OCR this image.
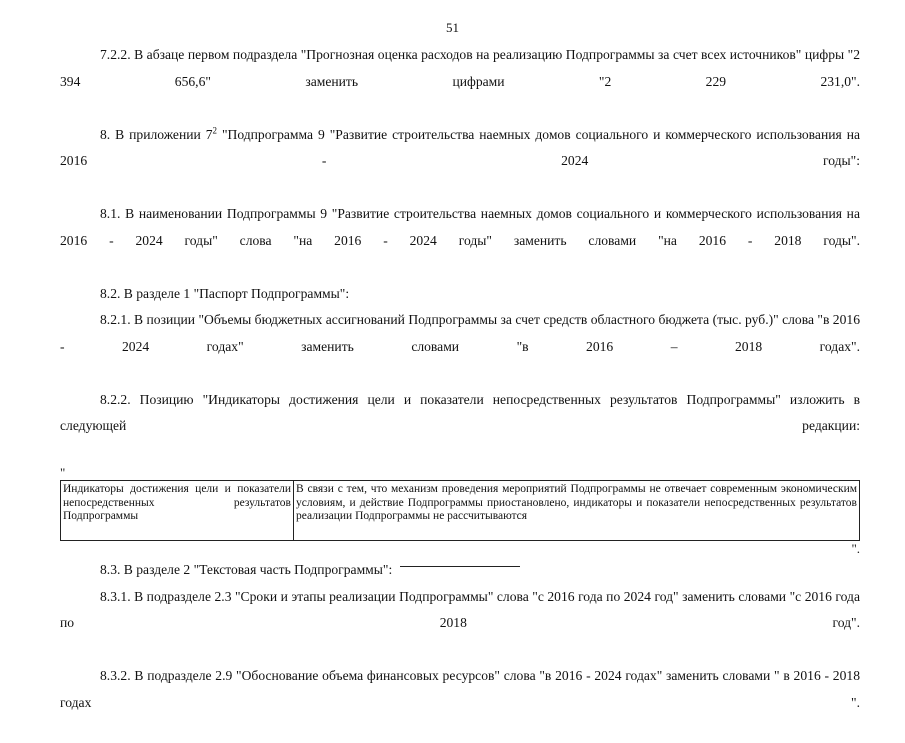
51

7.2.2. В абзаце первом подраздела "Прогнозная оценка расходов на реализацию Подпрограммы за счет всех источников" цифры "2 394 656,6" заменить цифрами "2 229 231,0".

8. В приложении $7^2$ "Подпрограмма 9 "Развитие строительства наемных домов социального и коммерческого использования на 2016 - 2024 годы":

8.1. В наименовании Подпрограммы 9 "Развитие строительства наемных домов социального и коммерческого использования на 2016 - 2024 годы" слова "на 2016 - 2024 годы" заменить словами "на 2016 - 2018 годы".

8.2. В разделе 1 "Паспорт Подпрограммы":

8.2.1. В позиции "Объемы бюджетных ассигнований Подпрограммы за счет средств областного бюджета (тыс. руб.)" слова "в 2016 - 2024 годах" заменить словами "в 2016 – 2018 годах".

8.2.2. Позицию "Индикаторы достижения цели и показатели непосредственных результатов Подпрограммы" изложить в следующей редакции:

"

Индикаторы достижения цели и показатели непосредственных результатов Подпрограммы	В связи с тем, что механизм проведения мероприятий Подпрограммы не отвечает современным экономическим условиям, и действие Подпрограммы приостановлено, индикаторы и показатели непосредственных результатов реализации Подпрограммы не рассчитываются

".

8.3. В разделе 2 "Текстовая часть Подпрограммы":

8.3.1. В подразделе 2.3 "Сроки и этапы реализации Подпрограммы" слова "с 2016 года по 2024 год" заменить словами "с 2016 года по 2018 год".

8.3.2. В подразделе 2.9 "Обоснование объема финансовых ресурсов" слова "в 2016 - 2024 годах" заменить словами " в 2016 - 2018 годах ".
